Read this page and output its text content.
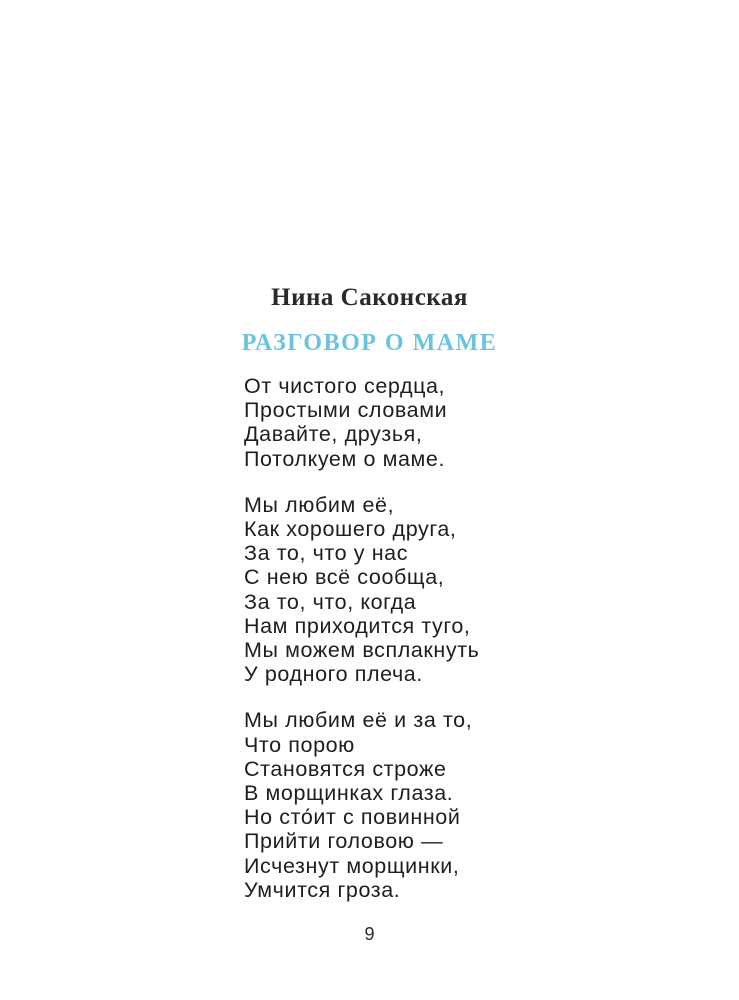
Нина Саконская
РАЗГОВОР О МАМЕ
От чистого сердца,
Простыми словами
Давайте, друзья,
Потолкуем о маме.
Мы любим её,
Как хорошего друга,
За то, что у нас
С нею всё сообща,
За то, что, когда
Нам приходится туго,
Мы можем всплакнуть
У родного плеча.
Мы любим её и за то,
Что порою
Становятся строже
В морщинках глаза.
Но сто́ит с повинной
Прийти головою —
Исчезнут морщинки,
Умчится гроза.
9
